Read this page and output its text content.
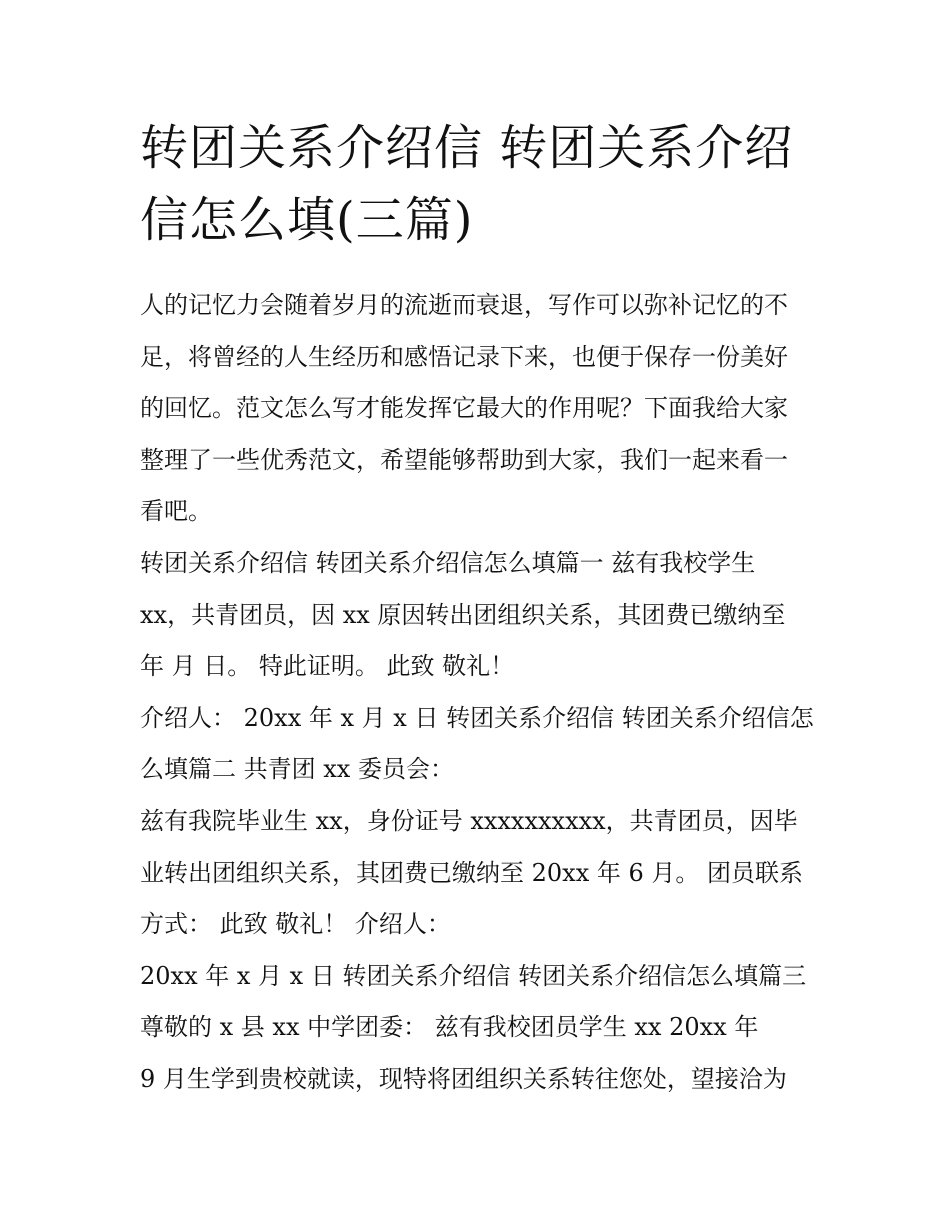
转团关系介绍信 转团关系介绍
信怎么填(三篇)
人的记忆力会随着岁月的流逝而衰退，写作可以弥补记忆的不
足，将曾经的人生经历和感悟记录下来，也便于保存一份美好
的回忆。范文怎么写才能发挥它最大的作用呢？下面我给大家
整理了一些优秀范文，希望能够帮助到大家，我们一起来看一
看吧。
转团关系介绍信 转团关系介绍信怎么填篇一 兹有我校学生
xx，共青团员，因 xx 原因转出团组织关系，其团费已缴纳至
年 月 日。 特此证明。 此致 敬礼！
介绍人： 20xx 年 x 月 x 日 转团关系介绍信 转团关系介绍信怎
么填篇二 共青团 xx 委员会：
兹有我院毕业生 xx，身份证号 xxxxxxxxxx，共青团员，因毕
业转出团组织关系，其团费已缴纳至 20xx 年 6 月。 团员联系
方式： 此致 敬礼！ 介绍人：
20xx 年 x 月 x 日 转团关系介绍信 转团关系介绍信怎么填篇三
尊敬的 x 县 xx 中学团委： 兹有我校团员学生 xx 20xx 年
9 月生学到贵校就读，现特将团组织关系转往您处，望接洽为
